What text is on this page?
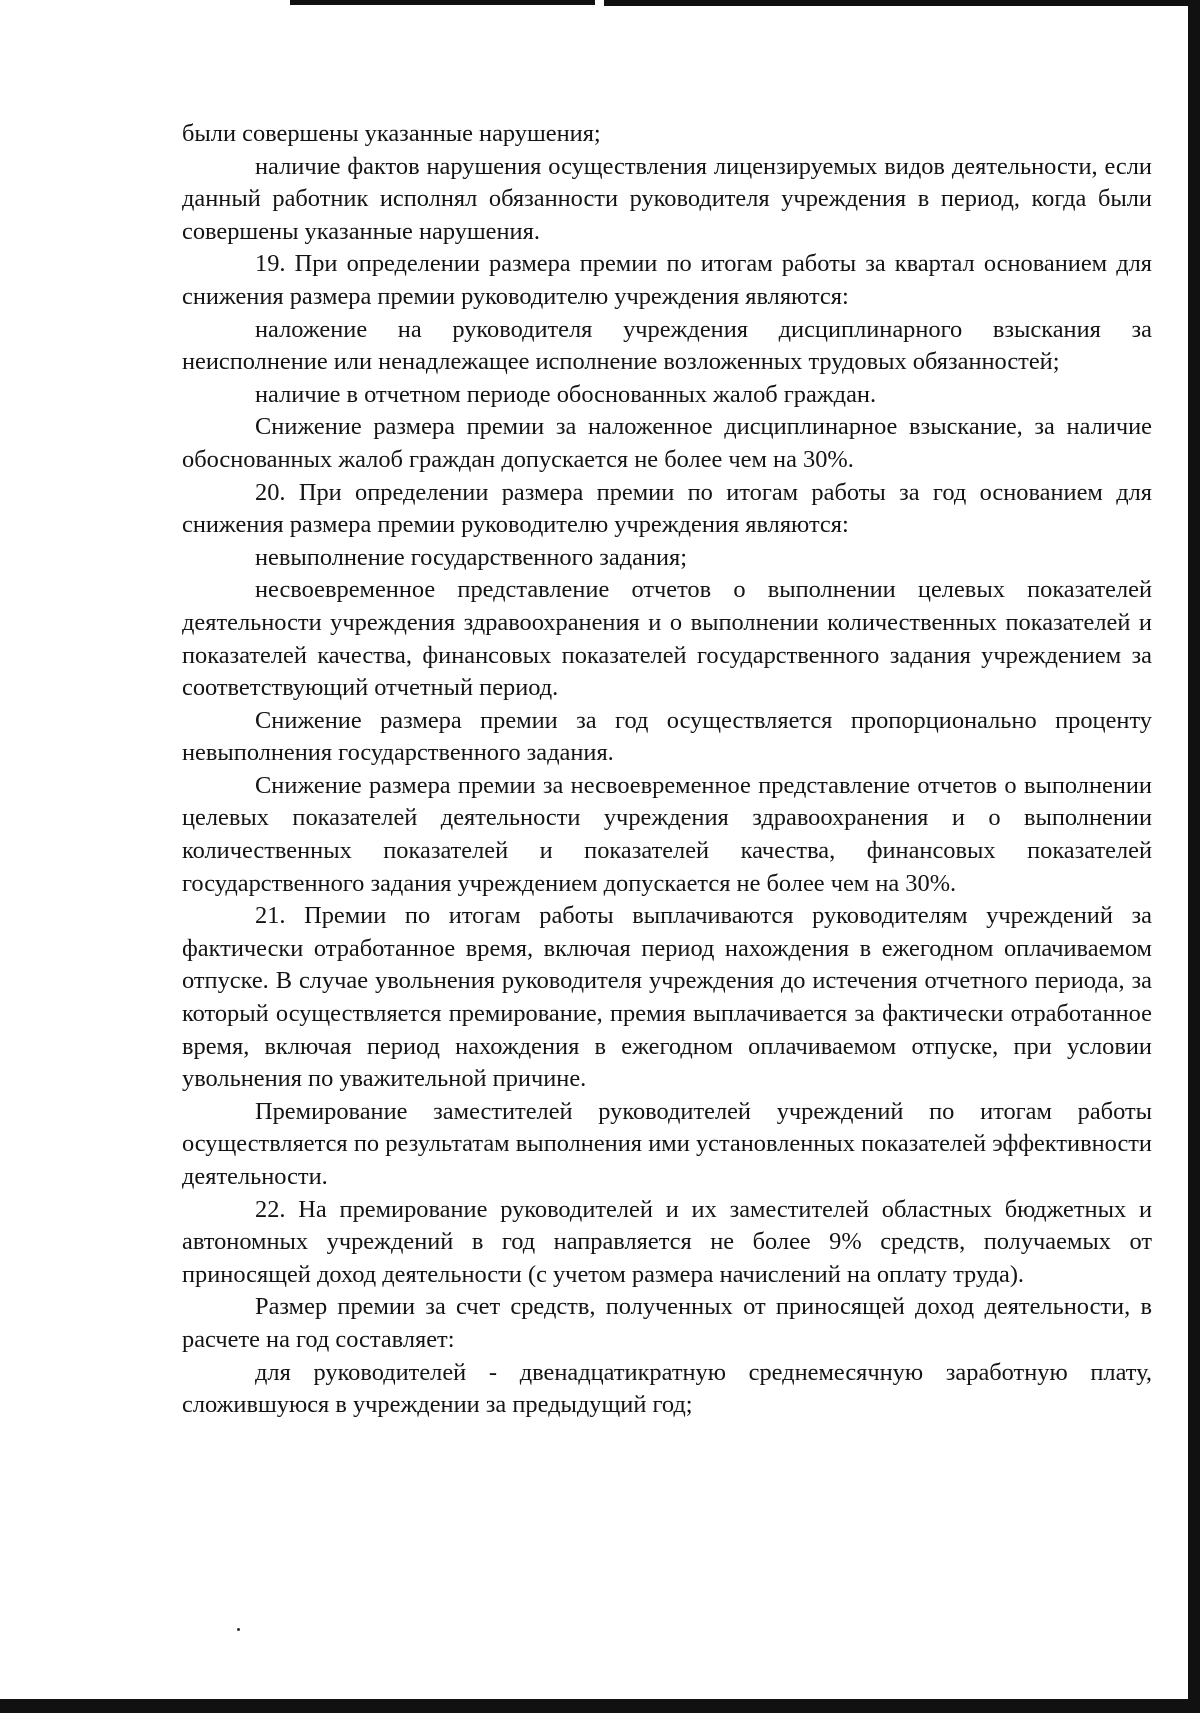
были совершены указанные нарушения;

наличие фактов нарушения осуществления лицензируемых видов деятельности, если данный работник исполнял обязанности руководителя учреждения в период, когда были совершены указанные нарушения.

19. При определении размера премии по итогам работы за квартал основанием для снижения размера премии руководителю учреждения являются:

наложение на руководителя учреждения дисциплинарного взыскания за неисполнение или ненадлежащее исполнение возложенных трудовых обязанностей;

наличие в отчетном периоде обоснованных жалоб граждан.

Снижение размера премии за наложенное дисциплинарное взыскание, за наличие обоснованных жалоб граждан допускается не более чем на 30%.

20. При определении размера премии по итогам работы за год основанием для снижения размера премии руководителю учреждения являются:

невыполнение государственного задания;

несвоевременное представление отчетов о выполнении целевых показателей деятельности учреждения здравоохранения и о выполнении количественных показателей и показателей качества, финансовых показателей государственного задания учреждением за соответствующий отчетный период.

Снижение размера премии за год осуществляется пропорционально проценту невыполнения государственного задания.

Снижение размера премии за несвоевременное представление отчетов о выполнении целевых показателей деятельности учреждения здравоохранения и о выполнении количественных показателей и показателей качества, финансовых показателей государственного задания учреждением допускается не более чем на 30%.

21. Премии по итогам работы выплачиваются руководителям учреждений за фактически отработанное время, включая период нахождения в ежегодном оплачиваемом отпуске. В случае увольнения руководителя учреждения до истечения отчетного периода, за который осуществляется премирование, премия выплачивается за фактически отработанное время, включая период нахождения в ежегодном оплачиваемом отпуске, при условии увольнения по уважительной причине.

Премирование заместителей руководителей учреждений по итогам работы осуществляется по результатам выполнения ими установленных показателей эффективности деятельности.

22. На премирование руководителей и их заместителей областных бюджетных и автономных учреждений в год направляется не более 9% средств, получаемых от приносящей доход деятельности (с учетом размера начислений на оплату труда).

Размер премии за счет средств, полученных от приносящей доход деятельности, в расчете на год составляет:

для руководителей - двенадцатикратную среднемесячную заработную плату, сложившуюся в учреждении за предыдущий год;
